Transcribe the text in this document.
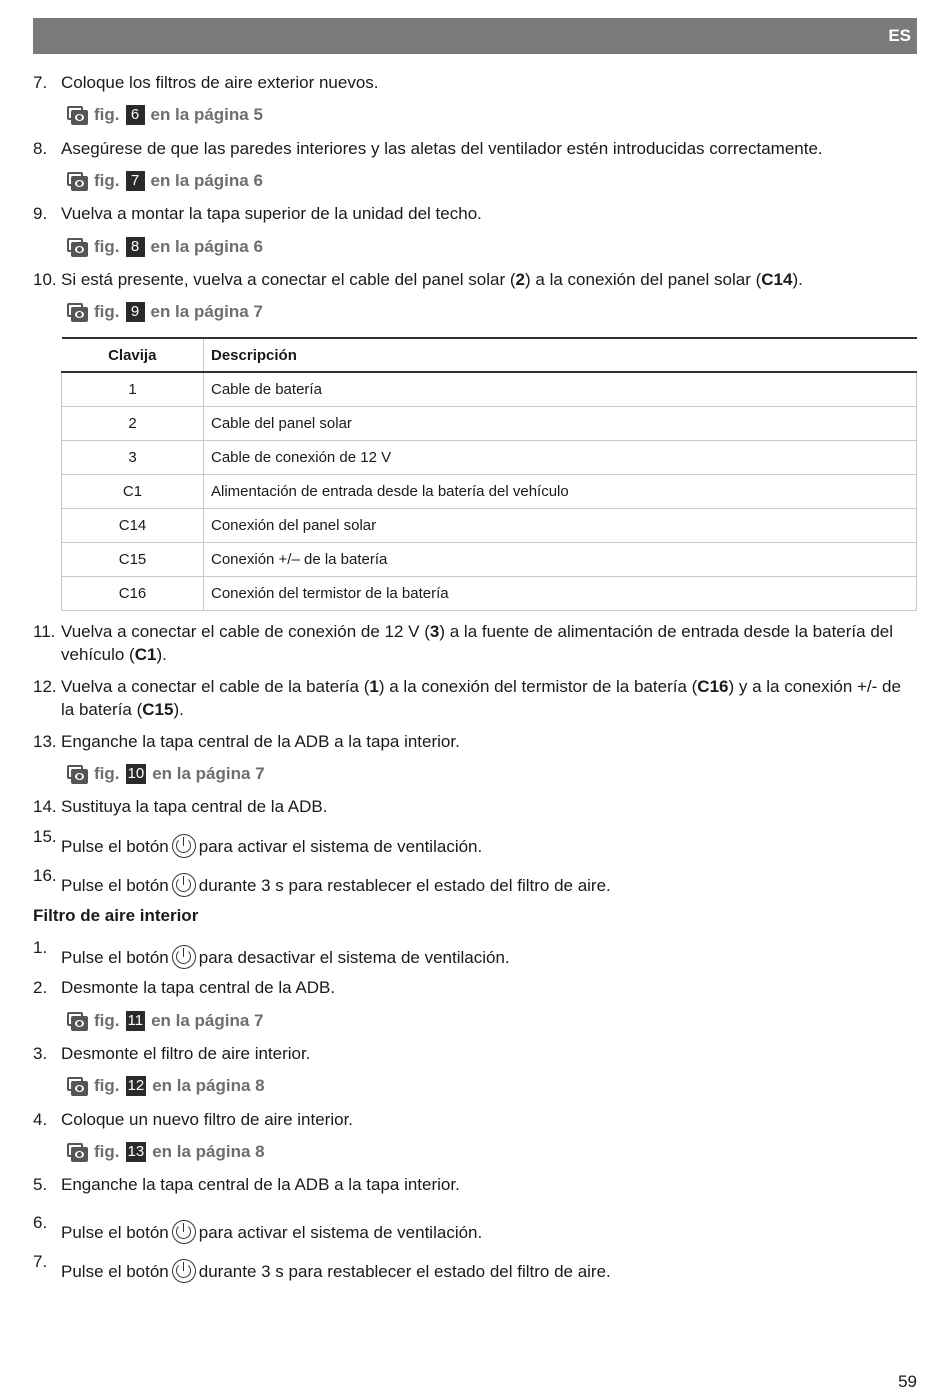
ES
7. Coloque los filtros de aire exterior nuevos.
fig. 6 en la página 5
8. Asegúrese de que las paredes interiores y las aletas del ventilador estén introducidas correctamente.
fig. 7 en la página 6
9. Vuelva a montar la tapa superior de la unidad del techo.
fig. 8 en la página 6
10. Si está presente, vuelva a conectar el cable del panel solar (2) a la conexión del panel solar (C14).
fig. 9 en la página 7
Clavija	Descripción
1	Cable de batería
2	Cable del panel solar
3	Cable de conexión de 12 V
C1	Alimentación de entrada desde la batería del vehículo
C14	Conexión del panel solar
C15	Conexión +/– de la batería
C16	Conexión del termistor de la batería
11. Vuelva a conectar el cable de conexión de 12 V (3) a la fuente de alimentación de entrada desde la batería del vehículo (C1).
12. Vuelva a conectar el cable de la batería (1) a la conexión del termistor de la batería (C16) y a la conexión +/- de la batería (C15).
13. Enganche la tapa central de la ADB a la tapa interior.
fig. 10 en la página 7
14. Sustituya la tapa central de la ADB.
15.
Pulse el botón para activar el sistema de ventilación.
16.
Pulse el botón durante 3 s para restablecer el estado del filtro de aire.
Filtro de aire interior
1.
Pulse el botón para desactivar el sistema de ventilación.
2. Desmonte la tapa central de la ADB.
fig. 11 en la página 7
3. Desmonte el filtro de aire interior.
fig. 12 en la página 8
4. Coloque un nuevo filtro de aire interior.
fig. 13 en la página 8
5. Enganche la tapa central de la ADB a la tapa interior.
6.
Pulse el botón para activar el sistema de ventilación.
7.
Pulse el botón durante 3 s para restablecer el estado del filtro de aire.
59
